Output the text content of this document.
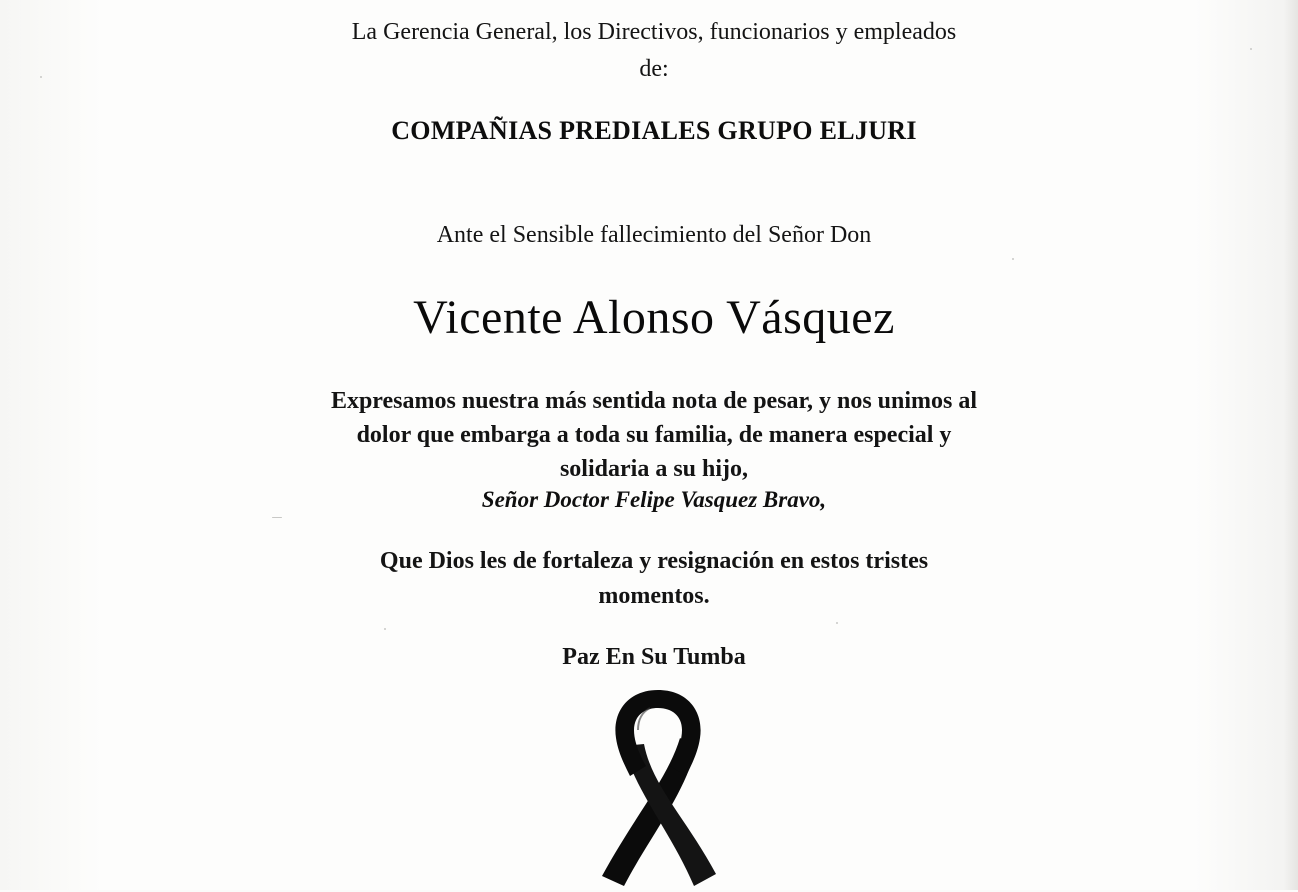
La Gerencia General, los Directivos, funcionarios y empleados
de:
COMPAÑIAS PREDIALES GRUPO ELJURI
Ante el Sensible fallecimiento del Señor Don
Vicente Alonso Vásquez
Expresamos nuestra más sentida nota de pesar, y nos unimos al
dolor que embarga a toda su familia, de manera especial y
solidaria a su hijo,
Señor Doctor Felipe Vasquez Bravo,
Que Dios les de fortaleza y resignación en estos tristes
momentos.
Paz En Su Tumba
